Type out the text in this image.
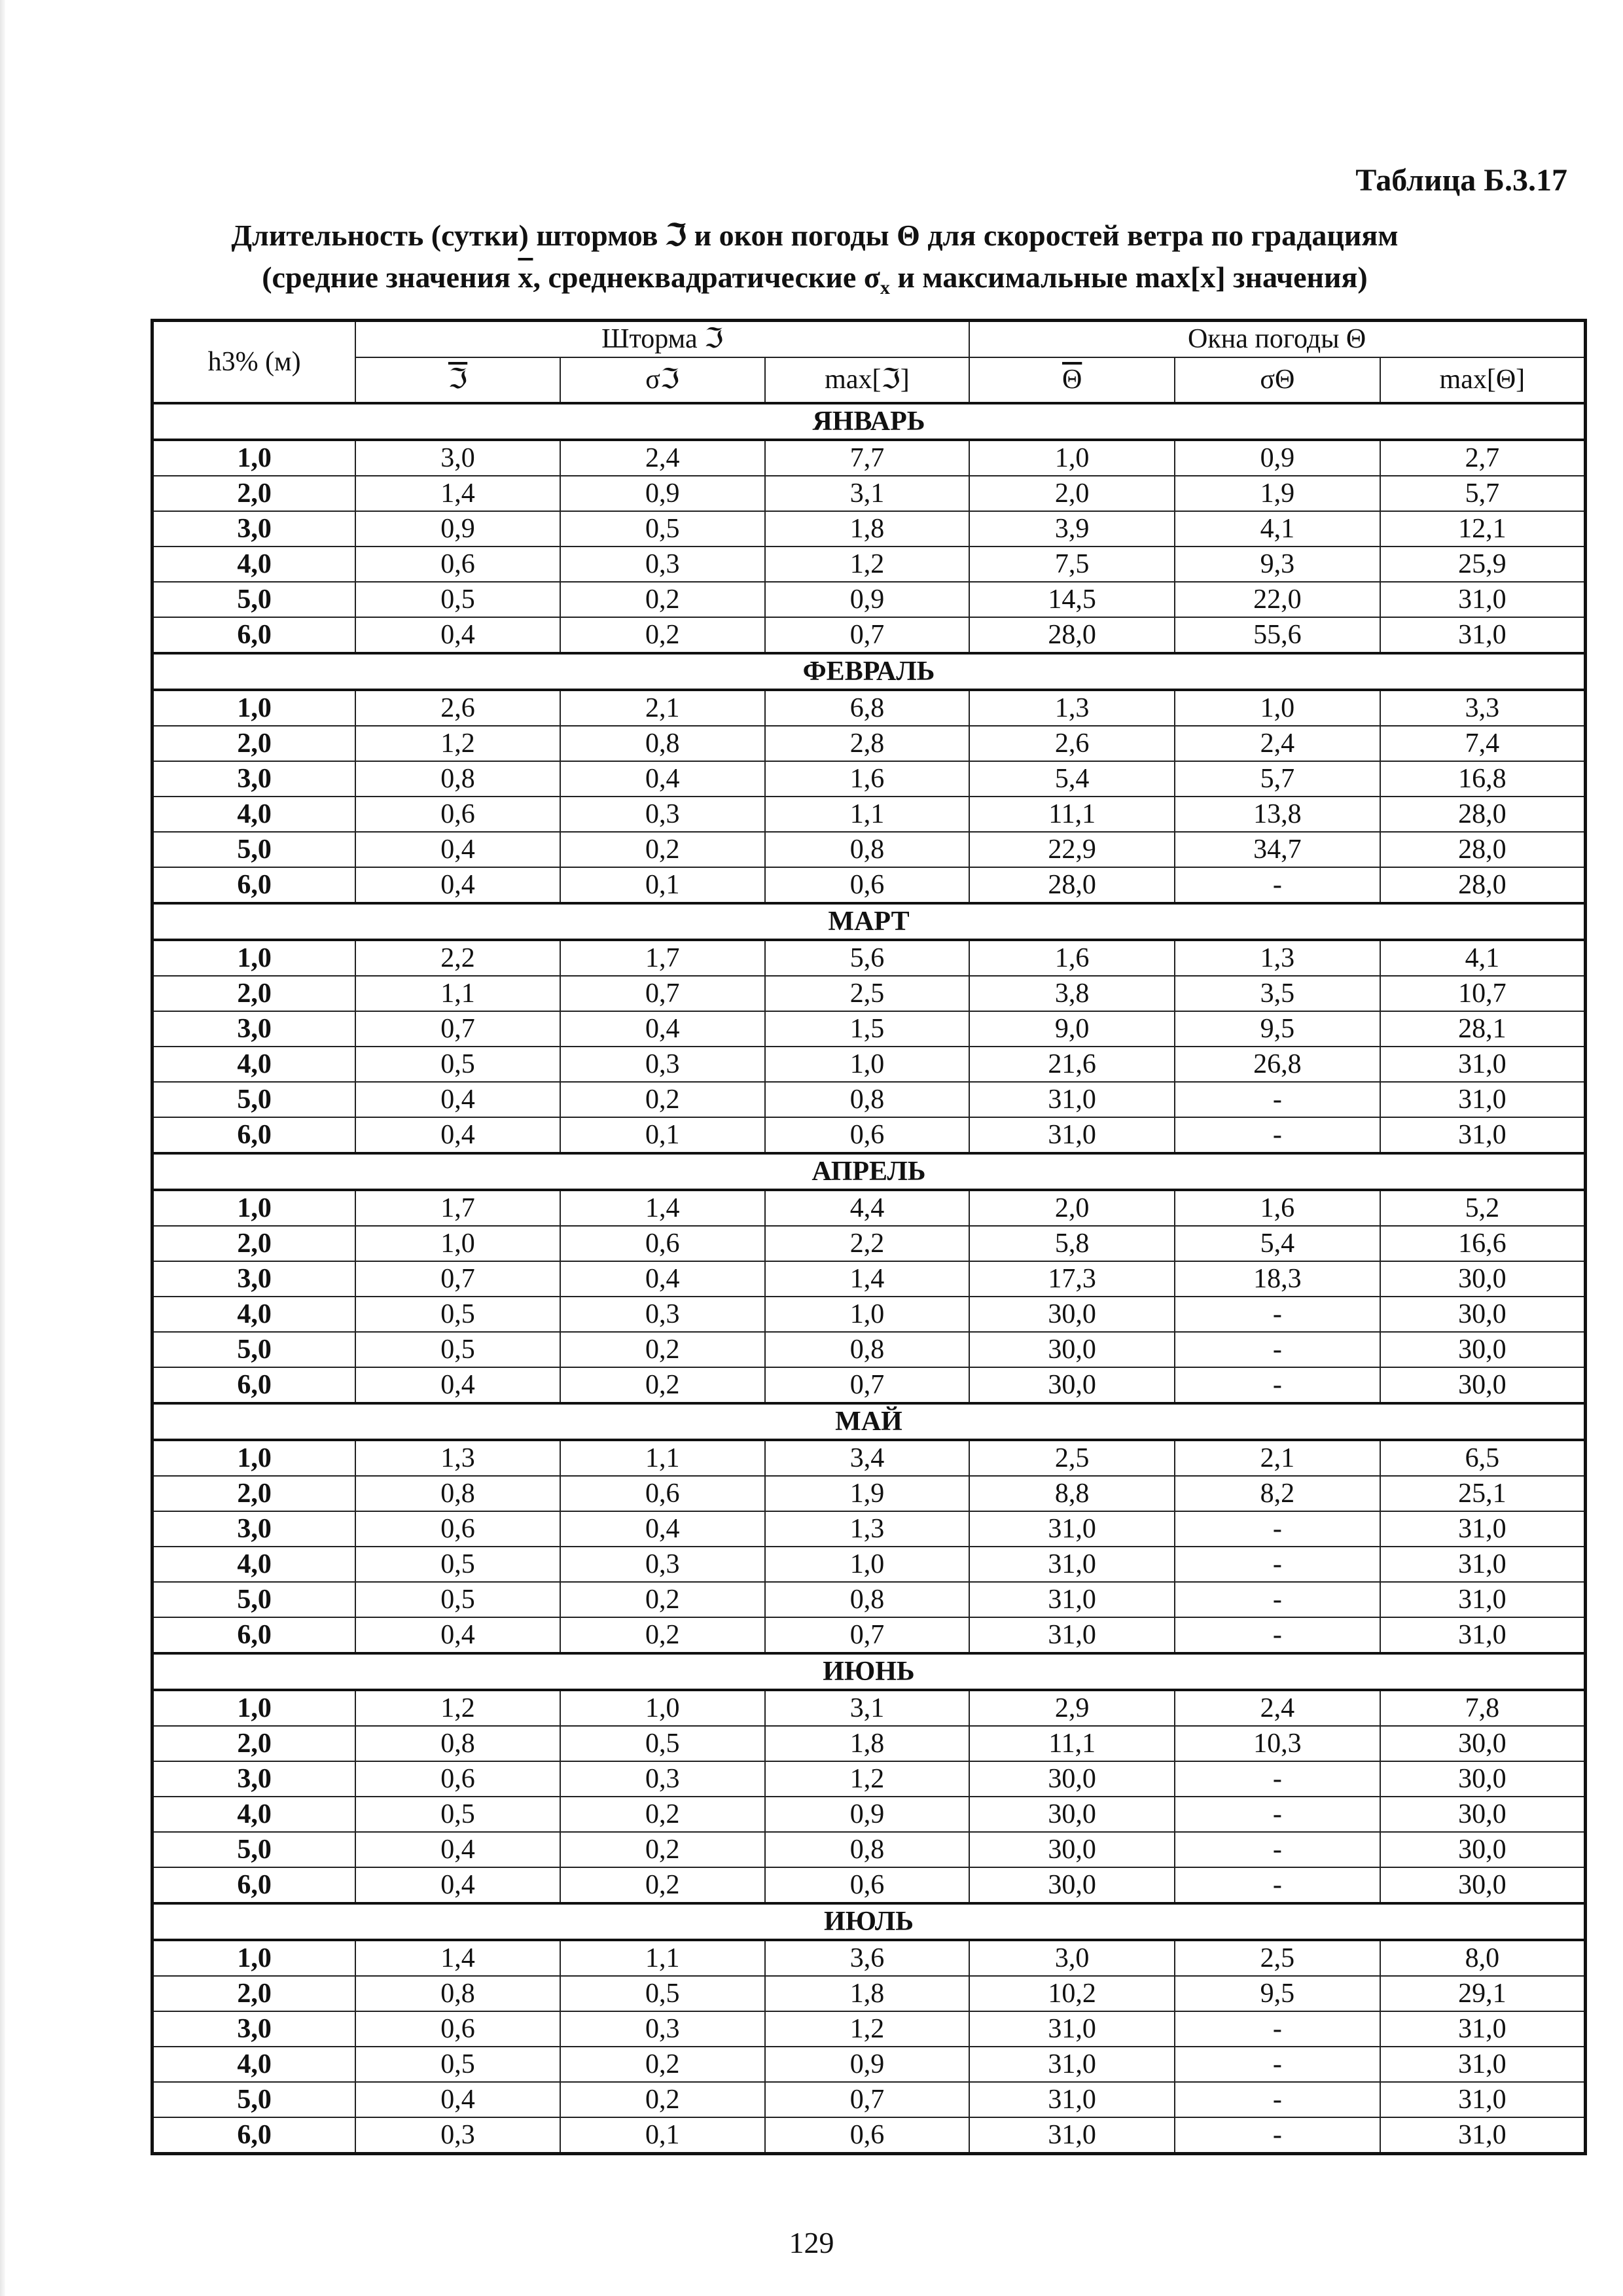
Таблица Б.3.17
Длительность (сутки) штормов ℑ и окон погоды Θ для скоростей ветра по градациям
(средние значения $\overline{x}$, среднеквадратические $\sigma_x$ и максимальные max[x] значения)
h3% (м)	Шторма ℑ			Окна погоды Θ		
	ℑ	σℑ	max[ℑ]	$\overline{\Theta}$	σΘ	max[Θ]
ЯНВАРЬ						
1,0	3,0	2,4	7,7	1,0	0,9	2,7
2,0	1,4	0,9	3,1	2,0	1,9	5,7
3,0	0,9	0,5	1,8	3,9	4,1	12,1
4,0	0,6	0,3	1,2	7,5	9,3	25,9
5,0	0,5	0,2	0,9	14,5	22,0	31,0
6,0	0,4	0,2	0,7	28,0	55,6	31,0
ФЕВРАЛЬ						
1,0	2,6	2,1	6,8	1,3	1,0	3,3
2,0	1,2	0,8	2,8	2,6	2,4	7,4
3,0	0,8	0,4	1,6	5,4	5,7	16,8
4,0	0,6	0,3	1,1	11,1	13,8	28,0
5,0	0,4	0,2	0,8	22,9	34,7	28,0
6,0	0,4	0,1	0,6	28,0	-	28,0
МАРТ						
1,0	2,2	1,7	5,6	1,6	1,3	4,1
2,0	1,1	0,7	2,5	3,8	3,5	10,7
3,0	0,7	0,4	1,5	9,0	9,5	28,1
4,0	0,5	0,3	1,0	21,6	26,8	31,0
5,0	0,4	0,2	0,8	31,0	-	31,0
6,0	0,4	0,1	0,6	31,0	-	31,0
АПРЕЛЬ						
1,0	1,7	1,4	4,4	2,0	1,6	5,2
2,0	1,0	0,6	2,2	5,8	5,4	16,6
3,0	0,7	0,4	1,4	17,3	18,3	30,0
4,0	0,5	0,3	1,0	30,0	-	30,0
5,0	0,5	0,2	0,8	30,0	-	30,0
6,0	0,4	0,2	0,7	30,0	-	30,0
МАЙ						
1,0	1,3	1,1	3,4	2,5	2,1	6,5
2,0	0,8	0,6	1,9	8,8	8,2	25,1
3,0	0,6	0,4	1,3	31,0	-	31,0
4,0	0,5	0,3	1,0	31,0	-	31,0
5,0	0,5	0,2	0,8	31,0	-	31,0
6,0	0,4	0,2	0,7	31,0	-	31,0
ИЮНЬ						
1,0	1,2	1,0	3,1	2,9	2,4	7,8
2,0	0,8	0,5	1,8	11,1	10,3	30,0
3,0	0,6	0,3	1,2	30,0	-	30,0
4,0	0,5	0,2	0,9	30,0	-	30,0
5,0	0,4	0,2	0,8	30,0	-	30,0
6,0	0,4	0,2	0,6	30,0	-	30,0
ИЮЛЬ						
1,0	1,4	1,1	3,6	3,0	2,5	8,0
2,0	0,8	0,5	1,8	10,2	9,5	29,1
3,0	0,6	0,3	1,2	31,0	-	31,0
4,0	0,5	0,2	0,9	31,0	-	31,0
5,0	0,4	0,2	0,7	31,0	-	31,0
6,0	0,3	0,1	0,6	31,0	-	31,0
129
